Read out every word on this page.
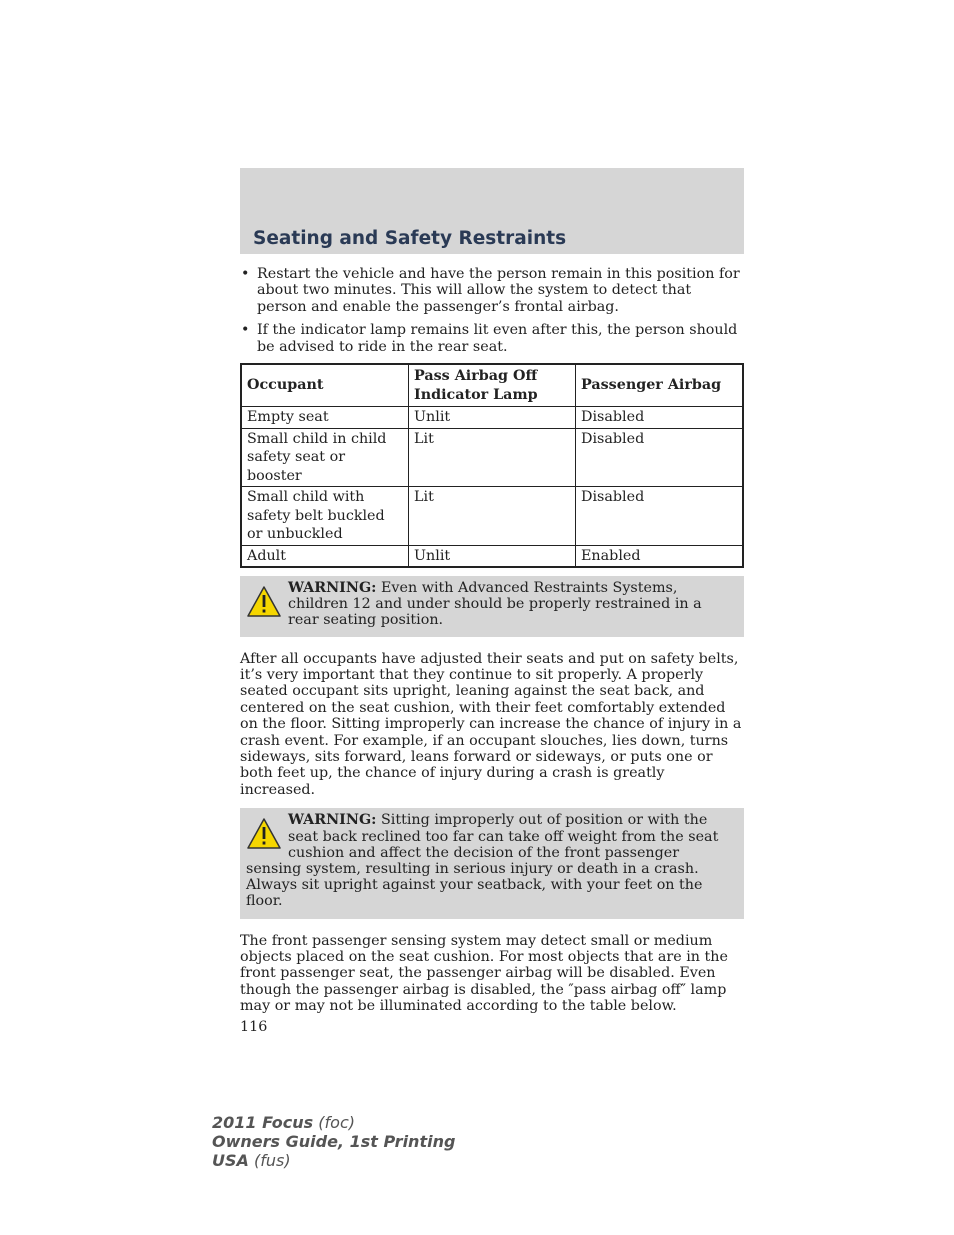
Seating and Safety Restraints
• Restart the vehicle and have the person remain in this position for about two minutes. This will allow the system to detect that person and enable the passenger’s frontal airbag.
• If the indicator lamp remains lit even after this, the person should be advised to ride in the rear seat.
Occupant	Pass Airbag Off Indicator Lamp	Passenger Airbag
Empty seat	Unlit	Disabled
Small child in child safety seat or booster	Lit	Disabled
Small child with safety belt buckled or unbuckled	Lit	Disabled
Adult	Unlit	Enabled
WARNING: Even with Advanced Restraints Systems, children 12 and under should be properly restrained in a rear seating position.

After all occupants have adjusted their seats and put on safety belts, it’s very important that they continue to sit properly. A properly seated occupant sits upright, leaning against the seat back, and centered on the seat cushion, with their feet comfortably extended on the floor. Sitting improperly can increase the chance of injury in a crash event. For example, if an occupant slouches, lies down, turns sideways, sits forward, leans forward or sideways, or puts one or both feet up, the chance of injury during a crash is greatly increased.

WARNING: Sitting improperly out of position or with the seat back reclined too far can take off weight from the seat cushion and affect the decision of the front passenger sensing system, resulting in serious injury or death in a crash.
Always sit upright against your seatback, with your feet on the floor.

The front passenger sensing system may detect small or medium objects placed on the seat cushion. For most objects that are in the front passenger seat, the passenger airbag will be disabled. Even though the passenger airbag is disabled, the ″pass airbag off″ lamp may or may not be illuminated according to the table below.

116
2011 Focus (foc)
Owners Guide, 1st Printing
USA (fus)
